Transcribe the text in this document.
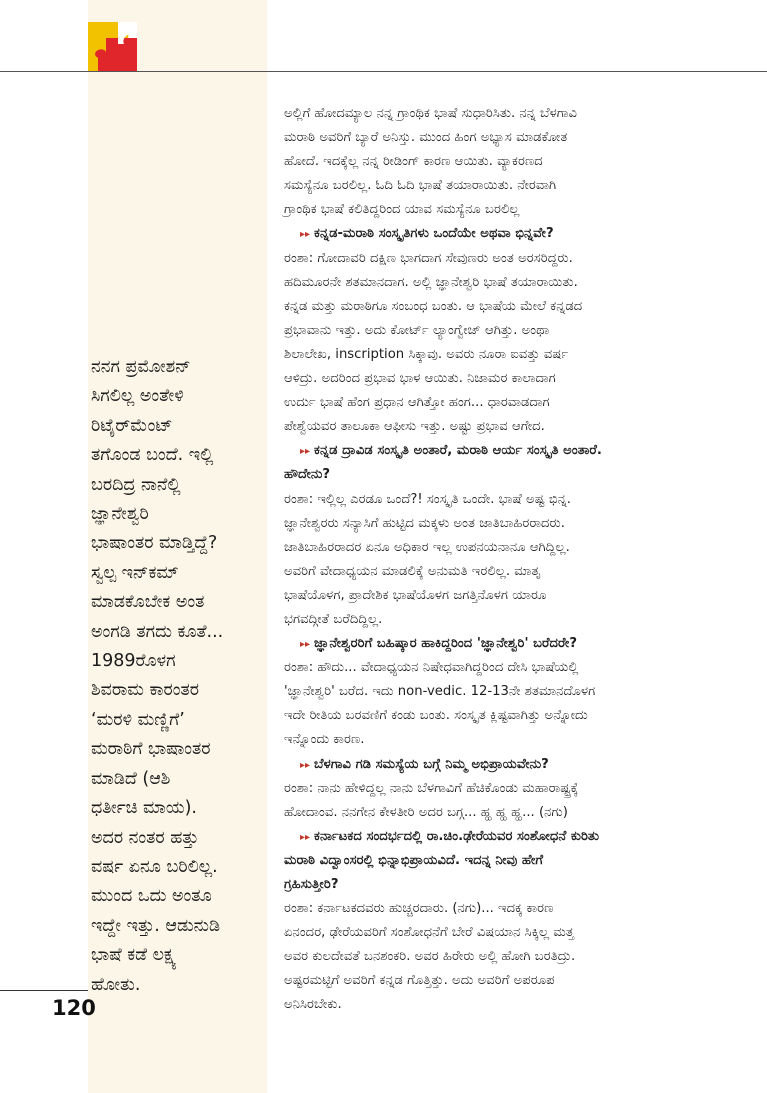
ನನಗ ಪ್ರಮೋಶನ್
ಸಿಗಲಿಲ್ಲ ಅಂತೇಳಿ
ರಿಟೈರ್‌ಮೆಂಟ್
ತಗೊಂಡ ಬಂದೆ. ಇಲ್ಲಿ
ಬರದಿದ್ರ ನಾನೆಲ್ಲಿ
ಜ್ಞಾನೇಶ್ವರಿ
ಭಾಷಾಂತರ ಮಾಡ್ತಿದ್ದೆ?
ಸ್ವಲ್ಪ ಇನ್‌ಕಮ್
ಮಾಡಕೊಬೇಕ ಅಂತ
ಅಂಗಡಿ ತಗದು ಕೂತೆ...
1989ರೊಳಗ
ಶಿವರಾಮ ಕಾರಂತರ
‘ಮರಳಿ ಮಣ್ಣಿಗೆ’
ಮರಾಠಿಗೆ ಭಾಷಾಂತರ
ಮಾಡಿದೆ (ಆಶಿ
ಧರ್ತೀಚಿ ಮಾಯ).
ಅದರ ನಂತರ ಹತ್ತು
ವರ್ಷ ಏನೂ ಬರಿಲಿಲ್ಲ.
ಮುಂದ ಒದು ಅಂತೂ
ಇದ್ದೇ ಇತ್ತು. ಆಡುನುಡಿ
ಭಾಷೆ ಕಡೆ ಲಕ್ಷ್ಯ
ಹೋತು.
120
ಅಲ್ಲಿಗೆ ಹೋದಮ್ಯಾಲ ನನ್ನ ಗ್ರಾಂಥಿಕ ಭಾಷೆ ಸುಧಾರಿಸಿತು. ನನ್ನ ಬೆಳಗಾವಿ
ಮರಾಠಿ ಅವರಿಗೆ ಬ್ಯಾರೆ ಅನಿಸ್ತು. ಮುಂದ ಹಿಂಗ ಅಭ್ಯಾಸ ಮಾಡಕೋತ
ಹೋದೆ. ಇದಕ್ಕೆಲ್ಲ ನನ್ನ ರೀಡಿಂಗ್ ಕಾರಣ ಆಯಿತು. ವ್ಯಾಕರಣದ
ಸಮಸ್ಯೆನೂ ಬರಲಿಲ್ಲ. ಓದಿ ಓದಿ ಭಾಷೆ ತಯಾರಾಯಿತು. ನೇರವಾಗಿ
ಗ್ರಾಂಥಿಕ ಭಾಷೆ ಕಲಿತಿದ್ದರಿಂದ ಯಾವ ಸಮಸ್ಯೆನೂ ಬರಲಿಲ್ಲ
▸▸ ಕನ್ನಡ-ಮರಾಠಿ ಸಂಸ್ಕೃತಿಗಳು ಒಂದೆಯೇ ಅಥವಾ ಭಿನ್ನವೇ?
ರಂಶಾ: ಗೋದಾವರಿ ದಕ್ಷಿಣ ಭಾಗದಾಗ ಸೇವುಣರು ಅಂತ ಅರಸರಿದ್ದರು.
ಹದಿಮೂರನೇ ಶತಮಾನದಾಗ. ಅಲ್ಲಿ ಜ್ಞಾನೇಶ್ವರಿ ಭಾಷೆ ತಯಾರಾಯಿತು.
ಕನ್ನಡ ಮತ್ತು ಮರಾಠಿಗೂ ಸಂಬಂಧ ಬಂತು. ಆ ಭಾಷೆಯ ಮೇಲೆ ಕನ್ನಡದ
ಪ್ರಭಾವಾನು ಇತ್ತು. ಅದು ಕೋರ್ಟ್ ಲ್ಯಾಂಗ್ವೇಜ್ ಆಗಿತ್ತು. ಅಂಥಾ
ಶಿಲಾಲೇಖ, inscription ಸಿಕ್ಕಾವು. ಅವರು ನೂರಾ ಐವತ್ತು ವರ್ಷ
ಆಳಿದ್ರು. ಅದರಿಂದ ಪ್ರಭಾವ ಭಾಳ ಆಯಿತು. ನಿಜಾಮರ ಕಾಲಾದಾಗ
ಉರ್ದು ಭಾಷೆ ಹೆಂಗ ಪ್ರಧಾನ ಆಗಿತ್ತೋ ಹಂಗ... ಧಾರವಾಡದಾಗ
ಪೇಶ್ವೆಯವರ ತಾಲೂಕಾ ಆಫೀಸು ಇತ್ತು. ಅಷ್ಟು ಪ್ರಭಾವ ಆಗೇದ.
▸▸ ಕನ್ನಡ ದ್ರಾವಿಡ ಸಂಸ್ಕೃತಿ ಅಂತಾರೆ, ಮರಾಠಿ ಆರ್ಯ ಸಂಸ್ಕೃತಿ ಅಂತಾರೆ.
ಹೌದೇನು?
ರಂಶಾ: ಇಲ್ಲಿಲ್ಲ ಎರಡೂ ಒಂದೆ?! ಸಂಸ್ಕೃತಿ ಒಂದೇ. ಭಾಷೆ ಅಷ್ಟ ಭಿನ್ನ.
ಜ್ಞಾನೇಶ್ವರರು ಸನ್ಯಾಸಿಗೆ ಹುಟ್ಟಿದ ಮಕ್ಕಳು ಅಂತ ಜಾತಿಬಾಹಿರರಾದರು.
ಜಾತಿಬಾಹಿರರಾದರ ಏನೂ ಅಧಿಕಾರ ಇಲ್ಲ ಉಪನಯನಾನೂ ಆಗಿದ್ದಿಲ್ಲ.
ಅವರಿಗೆ ವೇದಾಧ್ಯಯನ ಮಾಡಲಿಕ್ಕೆ ಅನುಮತಿ ಇರಲಿಲ್ಲ. ಮಾತೃ
ಭಾಷೆಯೊಳಗ, ಪ್ರಾದೇಶಿಕ ಭಾಷೆಯೊಳಗ ಜಗತ್ತಿನೊಳಗ ಯಾರೂ
ಭಗವದ್ಗೀತೆ ಬರೆದಿದ್ದಿಲ್ಲ.
▸▸ ಜ್ಞಾನೇಶ್ವರರಿಗೆ ಬಹಿಷ್ಕಾರ ಹಾಕಿದ್ದರಿಂದ 'ಜ್ಞಾನೇಶ್ವರಿ' ಬರೆದರೇ?
ರಂಶಾ: ಹೌದು... ವೇದಾಧ್ಯಯನ ನಿಷೇಧವಾಗಿದ್ದರಿಂದ ದೇಸಿ ಭಾಷೆಯಲ್ಲಿ
'ಜ್ಞಾನೇಶ್ವರಿ' ಬರೆದ. ಇದು non-vedic. 12-13ನೇ ಶತಮಾನದೊಳಗ
ಇದೇ ರೀತಿಯ ಬರವಣಿಗೆ ಕಂಡು ಬಂತು. ಸಂಸ್ಕೃತ ಕ್ಲಿಷ್ಟವಾಗಿತ್ತು ಅನ್ನೋದು
ಇನ್ನೊಂದು ಕಾರಣ.
▸▸ ಬೆಳಗಾವಿ ಗಡಿ ಸಮಸ್ಯೆಯ ಬಗ್ಗೆ ನಿಮ್ಮ ಅಭಿಪ್ರಾಯವೇನು?
ರಂಶಾ: ನಾನು ಹೇಳಿದ್ದಲ್ಲ ನಾನು ಬೆಳಗಾವಿಗೆ ಹೆಚಿಕೊಂಡು ಮಹಾರಾಷ್ಟ್ರಕ್ಕೆ
ಹೋದಾಂವ. ನನಗೇನ ಕೇಳತೀರಿ ಅದರ ಬಗ್ಗ... ಹ್ಹ ಹ್ಹ ಹ್ಹ... (ನಗು)
▸▸ ಕರ್ನಾಟಕದ ಸಂದರ್ಭದಲ್ಲಿ ರಾ.ಚಿಂ.ಢೇರೆಯವರ ಸಂಶೋಧನೆ ಕುರಿತು
ಮರಾಠಿ ವಿದ್ವಾಂಸರಲ್ಲಿ ಭಿನ್ನಾಭಿಪ್ರಾಯವಿದೆ. ಇದನ್ನ ನೀವು ಹೇಗೆ
ಗ್ರಹಿಸುತ್ತೀರಿ?
ರಂಶಾ: ಕರ್ನಾಟಕದವರು ಹುಚ್ಚರದಾರು. (ನಗು)... ಇದಕ್ಕ ಕಾರಣ
ಏನಂದರ, ಢೇರೆಯವರಿಗೆ ಸಂಶೋಧನೆಗೆ ಬೇರೆ ವಿಷಯಾನ ಸಿಕ್ಕಿಲ್ಲ ಮತ್ತ
ಅವರ ಕುಲದೇವತೆ ಬನಶಂಕರಿ. ಅವರ ಹಿರೇರು ಅಲ್ಲಿ ಹೋಗಿ ಬರತಿದ್ರು.
ಅಷ್ಟರಮಟ್ಟಿಗೆ ಅವರಿಗೆ ಕನ್ನಡ ಗೊತ್ತಿತ್ತು. ಅದು ಅವರಿಗೆ ಅಪರೂಪ
ಅನಿಸಿರಬೇಕು.
